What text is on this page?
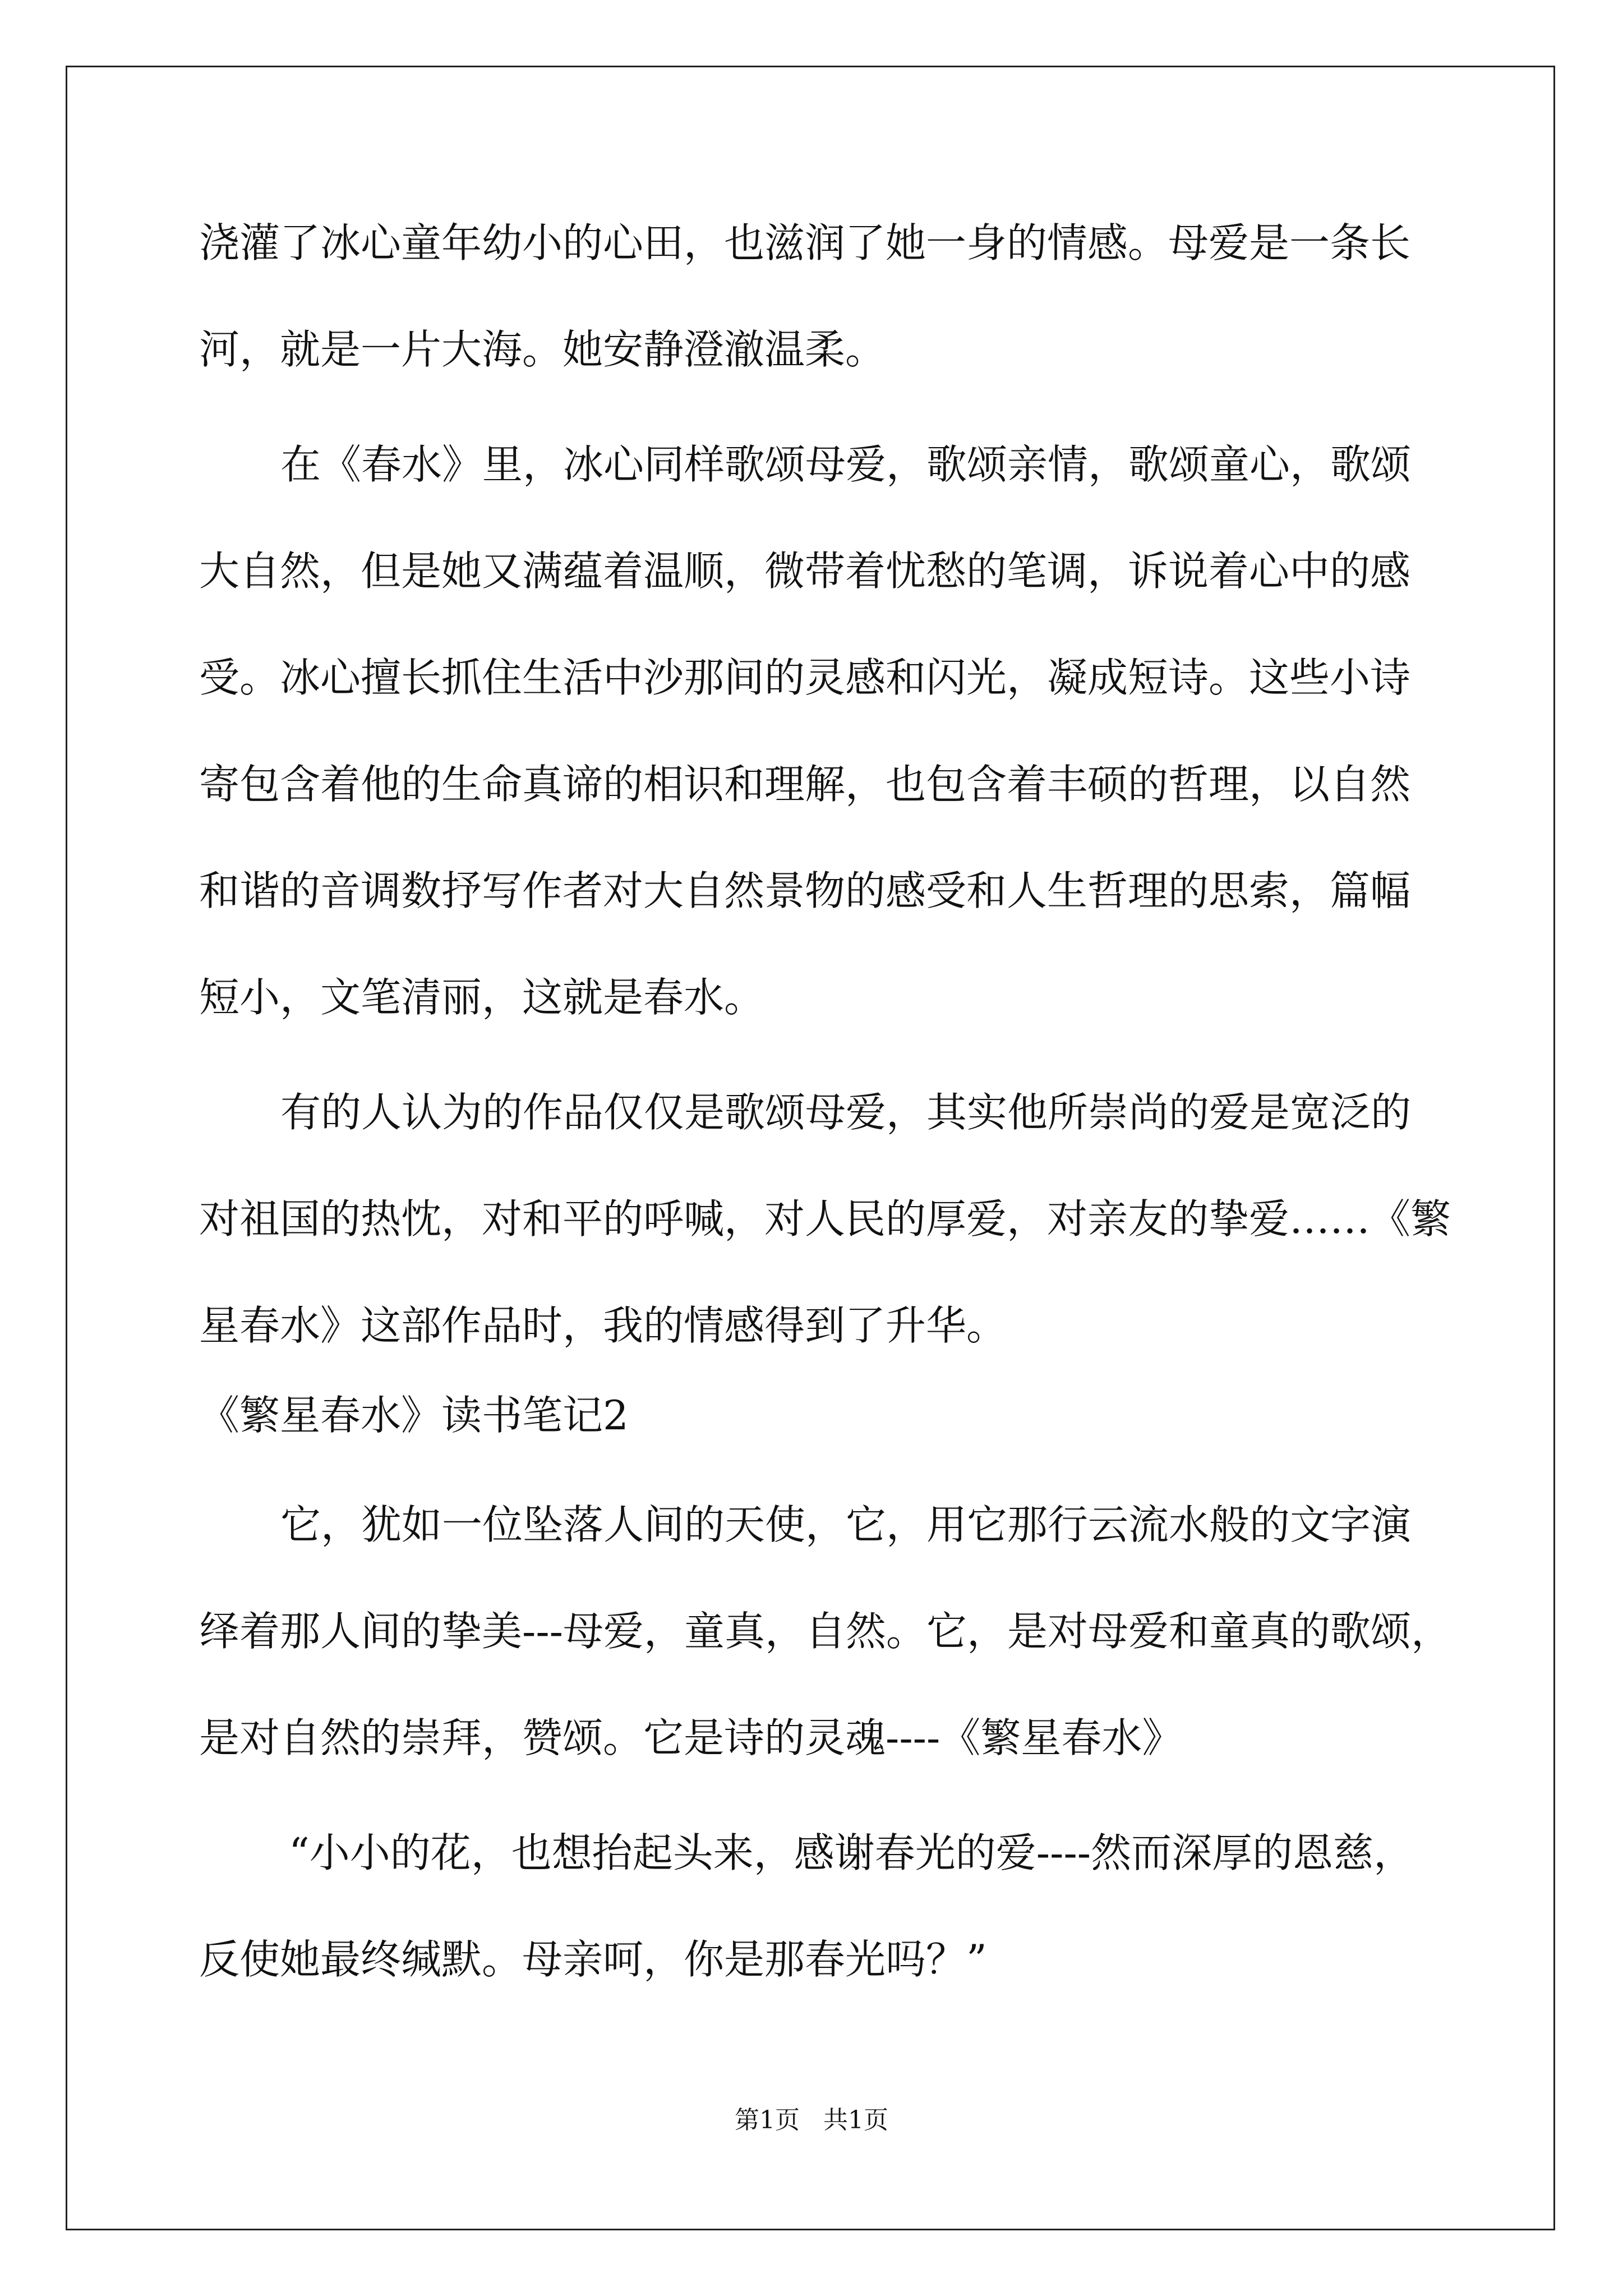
浇灌了冰心童年幼小的心田，也滋润了她一身的情感。母爱是一条长
河，就是一片大海。她安静澄澈温柔。
在《春水》里，冰心同样歌颂母爱，歌颂亲情，歌颂童心，歌颂
大自然，但是她又满蕴着温顺，微带着忧愁的笔调，诉说着心中的感
受。冰心擅长抓住生活中沙那间的灵感和闪光，凝成短诗。这些小诗
寄包含着他的生命真谛的相识和理解，也包含着丰硕的哲理，以自然
和谐的音调数抒写作者对大自然景物的感受和人生哲理的思索，篇幅
短小，文笔清丽，这就是春水。
有的人认为的作品仅仅是歌颂母爱，其实他所崇尚的爱是宽泛的
对祖国的热忱，对和平的呼喊，对人民的厚爱，对亲友的挚爱……《繁
星春水》这部作品时，我的情感得到了升华。
《繁星春水》读书笔记2
它，犹如一位坠落人间的天使，它，用它那行云流水般的文字演
绎着那人间的挚美---母爱，童真，自然。它，是对母爱和童真的歌颂，
是对自然的崇拜，赞颂。它是诗的灵魂----《繁星春水》
“小小的花，也想抬起头来，感谢春光的爱----然而深厚的恩慈，
反使她最终缄默。母亲呵，你是那春光吗？”
第1页   共1页
